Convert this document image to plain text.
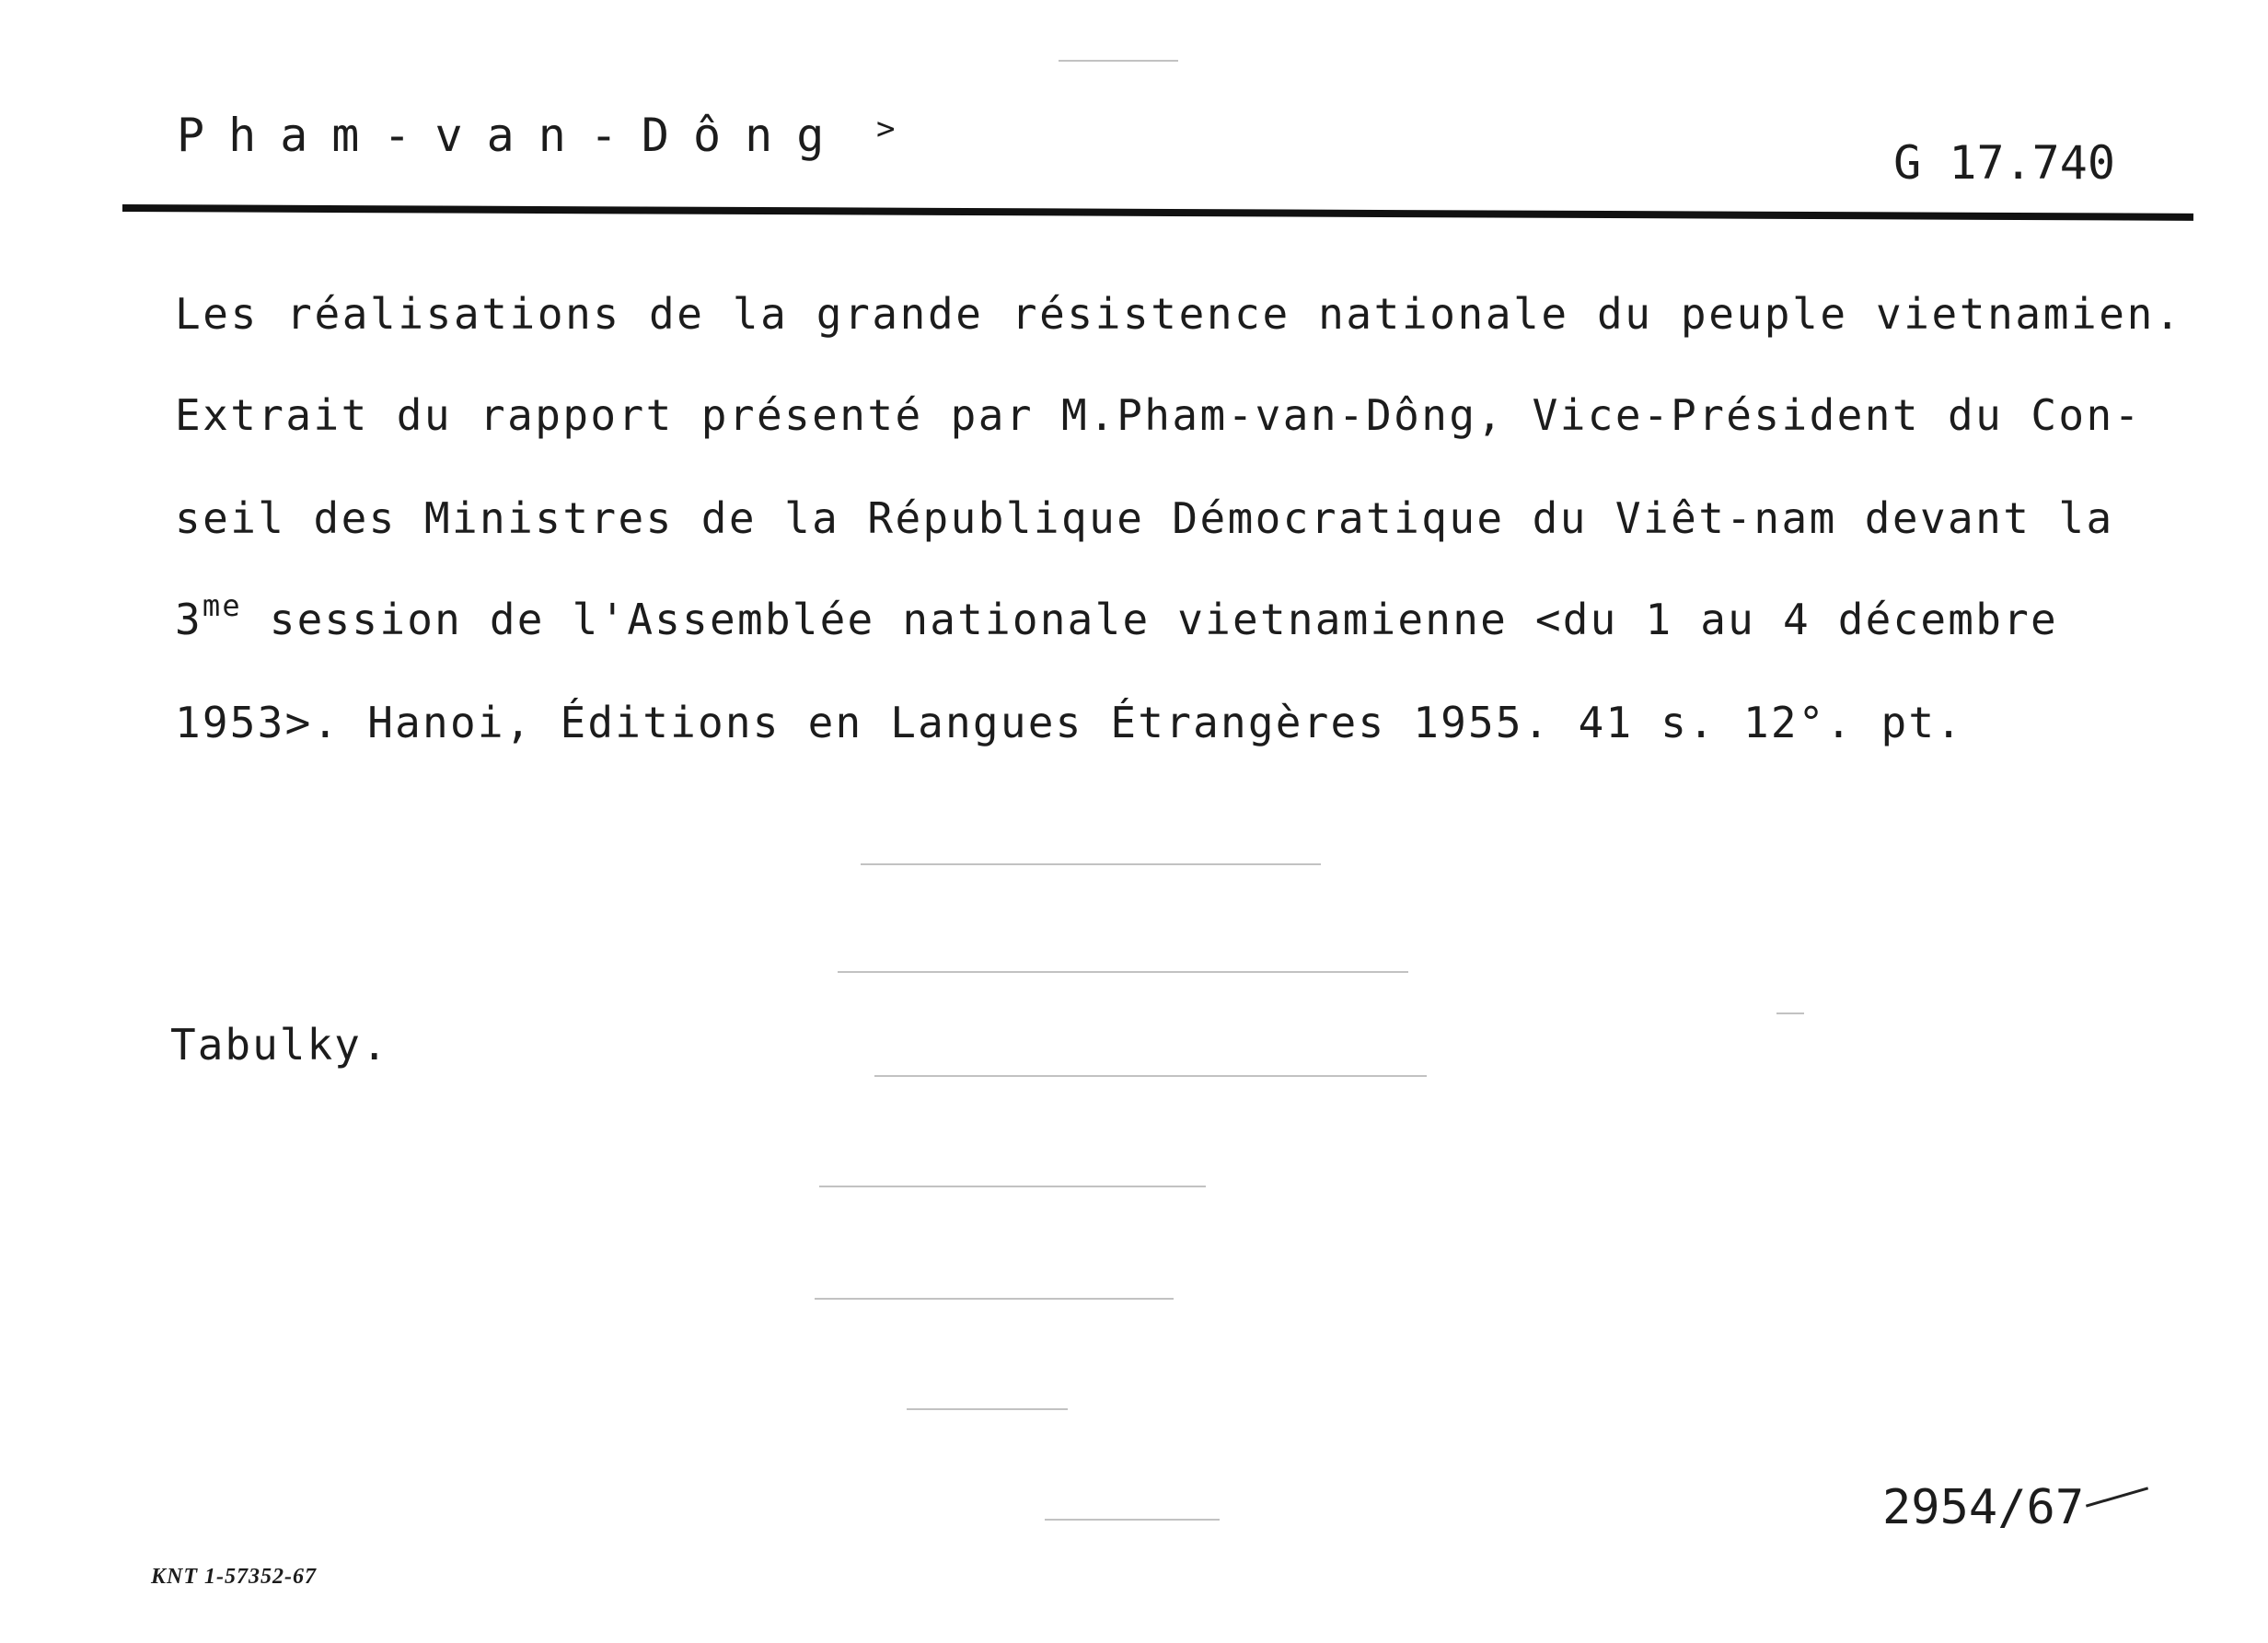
Pham-van-Dông >
G 17.740
Les réalisations de la grande résistence nationale du peuple vietnamien.
Extrait du rapport présenté par M.Pham-van-Dông, Vice-Président du Con-
seil des Ministres de la République Démocratique du Viêt-nam devant la
$3^{me}$ session de l'Assemblée nationale vietnamienne <du 1 au 4 décembre
1953>. Hanoi, Éditions en Langues Étrangères 1955. 41 s. 12°. pt.
Tabulky.
2954/67
KNT 1-57352-67
